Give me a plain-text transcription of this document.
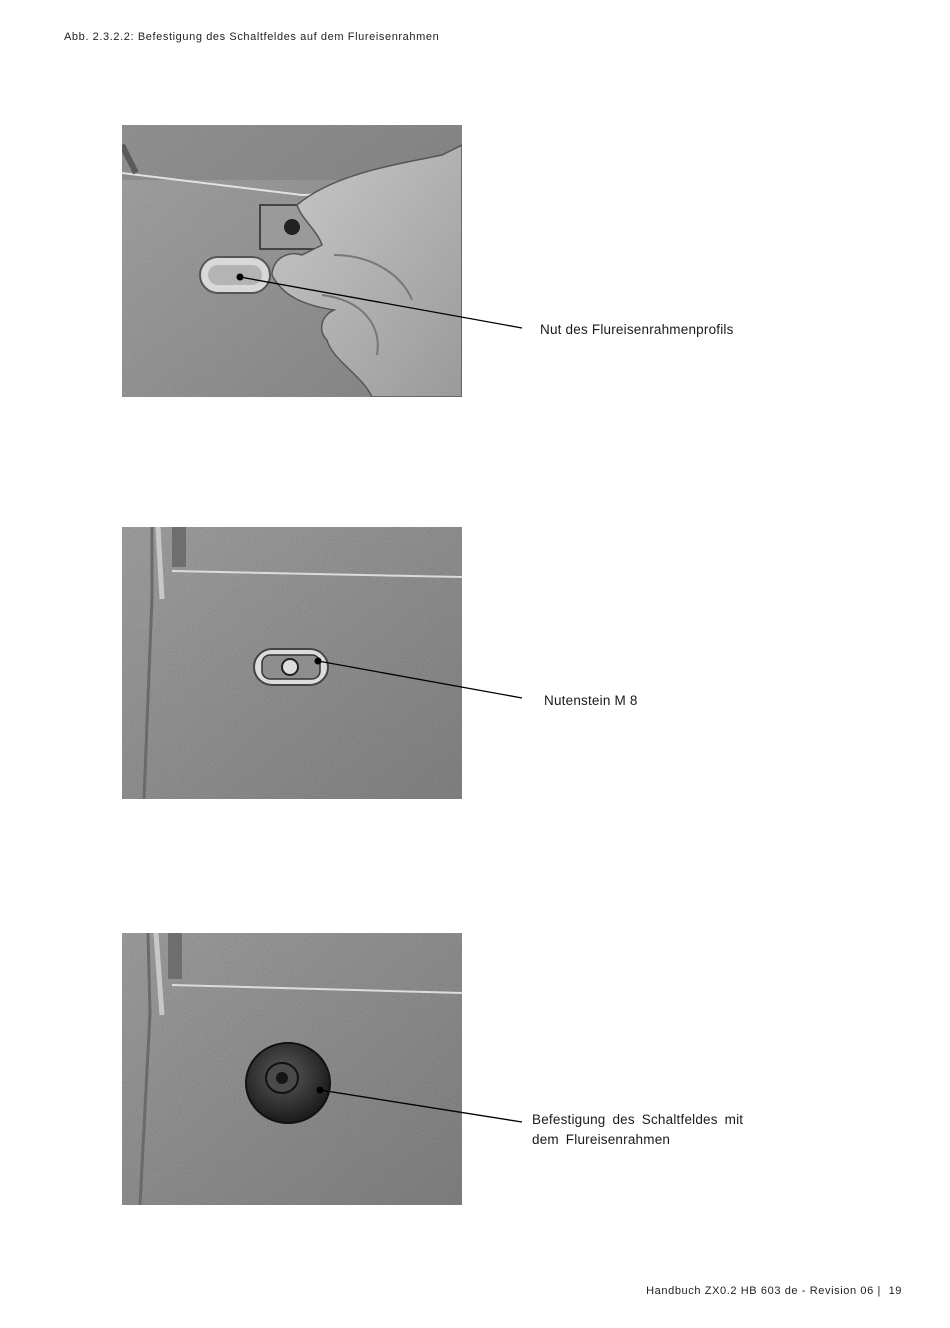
Abb. 2.3.2.2: Befestigung des Schaltfeldes auf dem Flureisenrahmen
Nut des Flureisenrahmenprofils
Nutenstein M 8
Befestigung des Schaltfeldes mit dem Flureisenrahmen
Handbuch ZX0.2 HB 603 de - Revision 06 | 19
